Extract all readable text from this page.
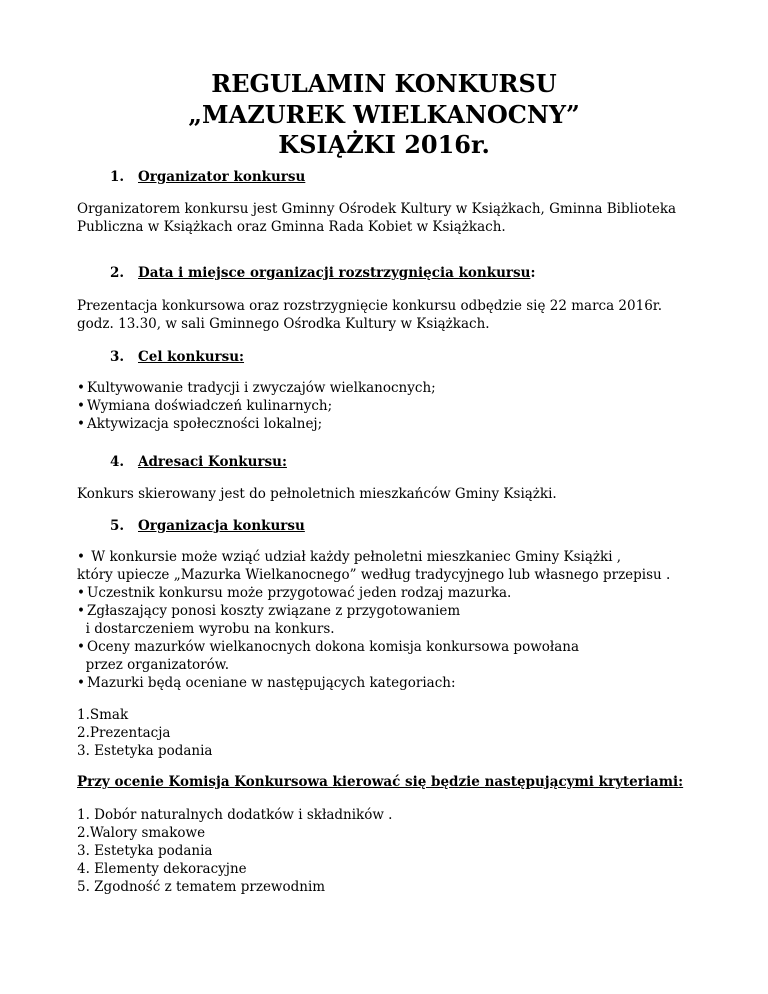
REGULAMIN KONKURSU
„MAZUREK WIELKANOCNY”
KSIĄŻKI 2016r.
1. Organizator konkursu
Organizatorem konkursu jest Gminny Ośrodek Kultury w Książkach, Gminna Biblioteka
Publiczna w Książkach oraz Gminna Rada Kobiet w Książkach.
2. Data i miejsce organizacji rozstrzygnięcia konkursu:
Prezentacja konkursowa oraz rozstrzygnięcie konkursu odbędzie się 22 marca 2016r.
godz. 13.30, w sali Gminnego Ośrodka Kultury w Książkach.
3. Cel konkursu:
• Kultywowanie tradycji i zwyczajów wielkanocnych;
• Wymiana doświadczeń kulinarnych;
• Aktywizacja społeczności lokalnej;
4. Adresaci Konkursu:
Konkurs skierowany jest do pełnoletnich mieszkańców Gminy Książki.
5. Organizacja konkursu
• W konkursie może wziąć udział każdy pełnoletni mieszkaniec Gminy Książki ,
który upiecze „Mazurka Wielkanocnego” według tradycyjnego lub własnego przepisu .
• Uczestnik konkursu może przygotować jeden rodzaj mazurka.
• Zgłaszający ponosi koszty związane z przygotowaniem
i dostarczeniem wyrobu na konkurs.
• Oceny mazurków wielkanocnych dokona komisja konkursowa powołana
przez organizatorów.
• Mazurki będą oceniane w następujących kategoriach:
1.Smak
2.Prezentacja
3. Estetyka podania
Przy ocenie Komisja Konkursowa kierować się będzie następującymi kryteriami:
1. Dobór naturalnych dodatków i składników .
2.Walory smakowe
3. Estetyka podania
4. Elementy dekoracyjne
5. Zgodność z tematem przewodnim
